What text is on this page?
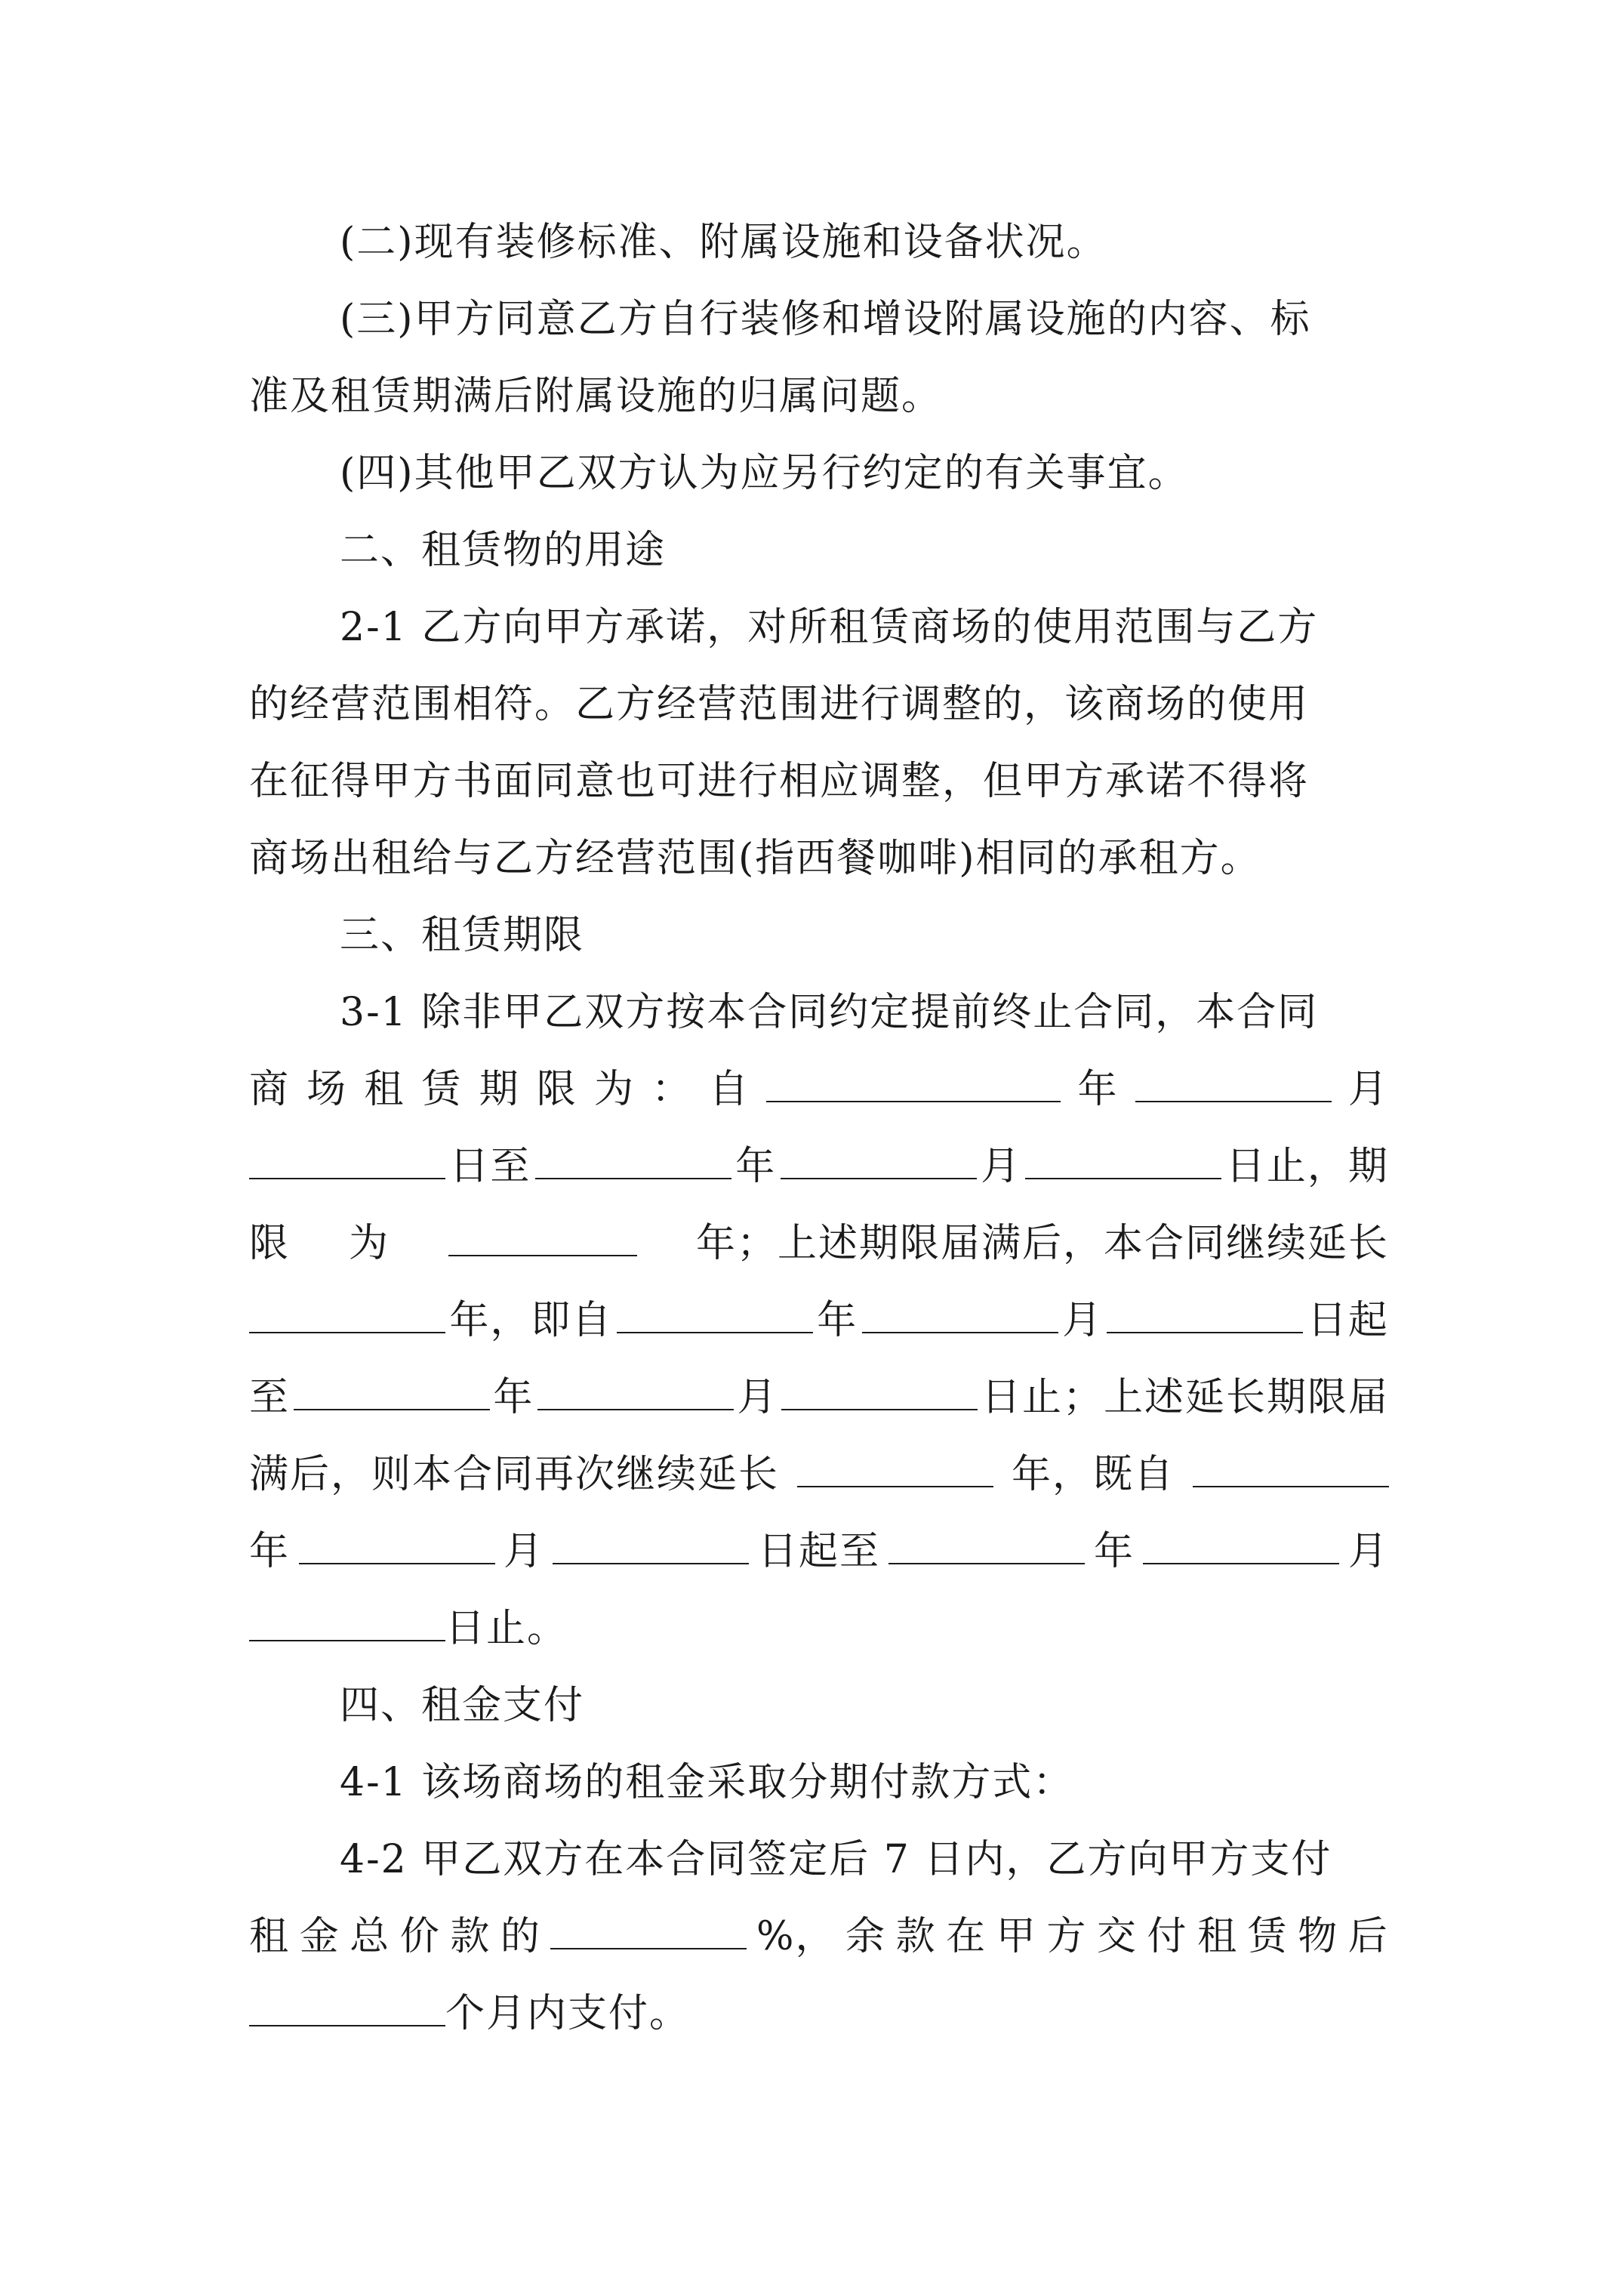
(二)现有装修标准、附属设施和设备状况。
(三)甲方同意乙方自行装修和增设附属设施的内容、标
准及租赁期满后附属设施的归属问题。
(四)其他甲乙双方认为应另行约定的有关事宜。
二、租赁物的用途
2-1 乙方向甲方承诺，对所租赁商场的使用范围与乙方
的经营范围相符。乙方经营范围进行调整的，该商场的使用
在征得甲方书面同意也可进行相应调整，但甲方承诺不得将
商场出租给与乙方经营范围(指西餐咖啡)相同的承租方。
三、租赁期限
3-1 除非甲乙双方按本合同约定提前终止合同，本合同
商 场 租 赁 期 限 为 ： 自	年	月
日至	年	月	日止，期
限 为	年；上述期限届满后，本合同继续延长
年，即自	年	月	日起
至	年	月	日止；上述延长期限届
满后，则本合同再次继续延长	年，既自
年	月	日起至	年	月
日止。
四、租金支付
4-1 该场商场的租金采取分期付款方式：
4-2 甲乙双方在本合同签定后 7 日内，乙方向甲方支付
租 金 总 价 款 的	%， 余 款 在 甲 方 交 付 租 赁 物 后
个月内支付。
